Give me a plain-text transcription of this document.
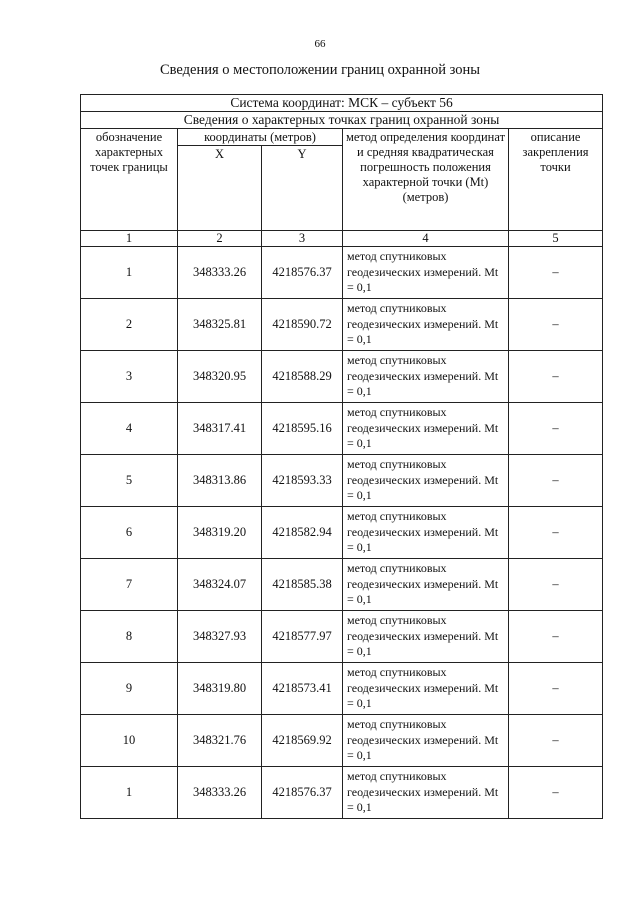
66
Сведения о местоположении границ охранной зоны
Система координат: МСК – субъект 56				
Сведения о характерных точках границ охранной зоны				
обозначение характерных точек границы	координаты (метров)		метод определения координат и средняя квадратическая погрешность положения характерной точки (Mt) (метров)	описание закрепления точки
	X	Y		
1	2	3	4	5
1	348333.26	4218576.37	метод спутниковых геодезических измерений. Mt = 0,1	–
2	348325.81	4218590.72	метод спутниковых геодезических измерений. Mt = 0,1	–
3	348320.95	4218588.29	метод спутниковых геодезических измерений. Mt = 0,1	–
4	348317.41	4218595.16	метод спутниковых геодезических измерений. Mt = 0,1	–
5	348313.86	4218593.33	метод спутниковых геодезических измерений. Mt = 0,1	–
6	348319.20	4218582.94	метод спутниковых геодезических измерений. Mt = 0,1	–
7	348324.07	4218585.38	метод спутниковых геодезических измерений. Mt = 0,1	–
8	348327.93	4218577.97	метод спутниковых геодезических измерений. Mt = 0,1	–
9	348319.80	4218573.41	метод спутниковых геодезических измерений. Mt = 0,1	–
10	348321.76	4218569.92	метод спутниковых геодезических измерений. Mt = 0,1	–
1	348333.26	4218576.37	метод спутниковых геодезических измерений. Mt = 0,1	–
